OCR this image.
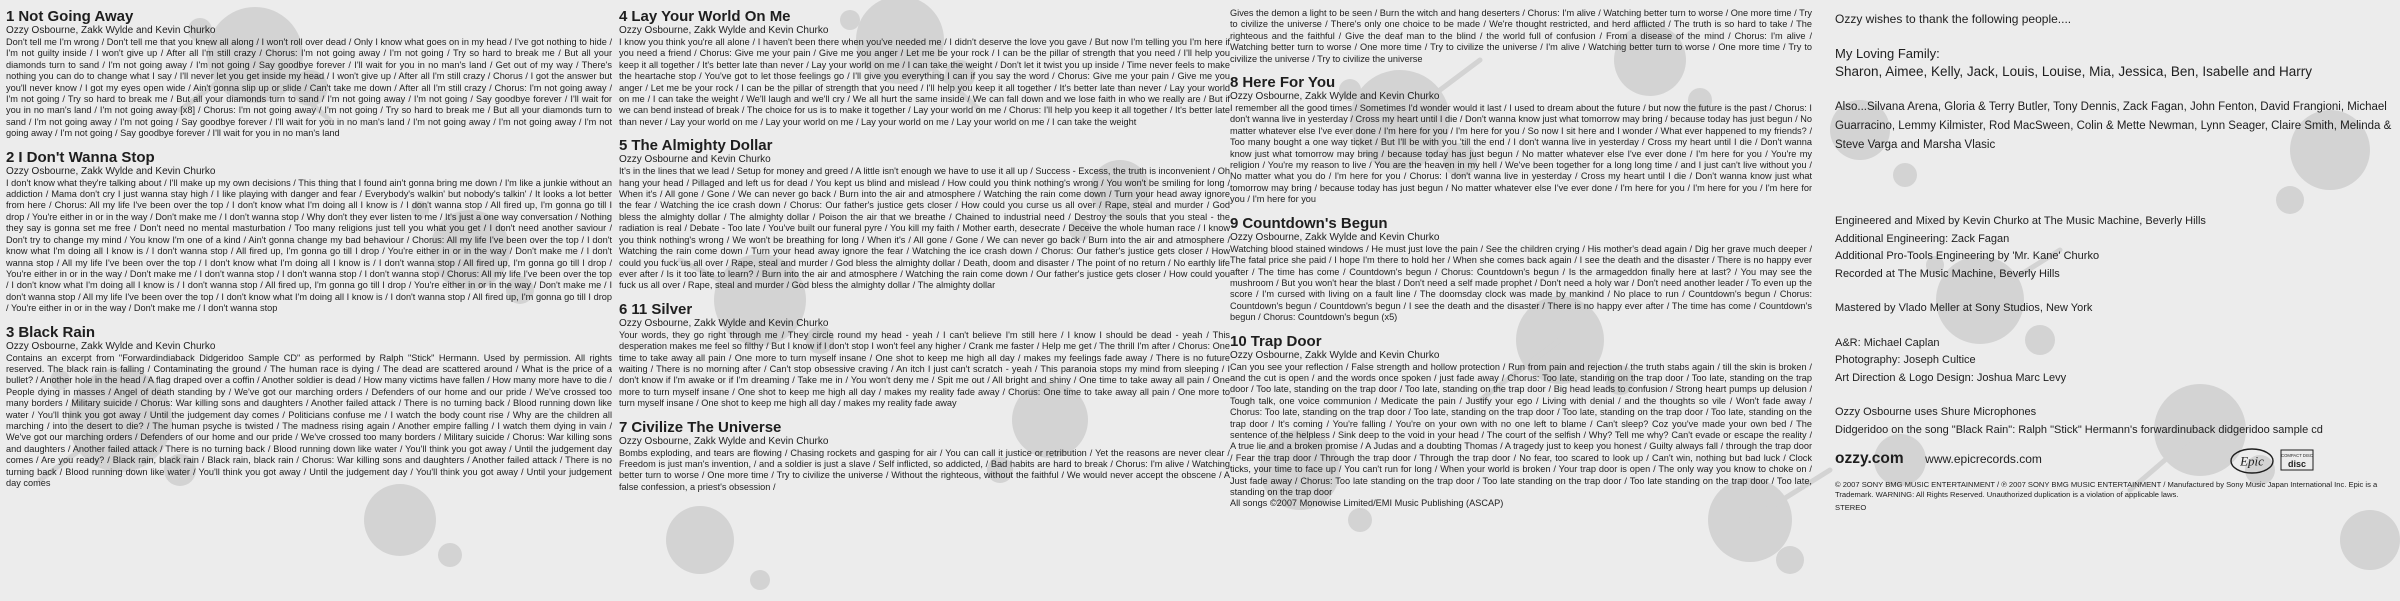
1 Not Going Away
Ozzy Osbourne, Zakk Wylde and Kevin Churko

Don't tell me I'm wrong / Don't tell me that you knew all along / I won't roll over dead / Only I know what goes on in my head / I've got nothing to hide / I'm not guilty inside / I won't give up / After all I'm still crazy / Chorus: I'm not going away / I'm not going / Try so hard to break me / But all your diamonds turn to sand / I'm not going away / I'm not going / Say goodbye forever / I'll wait for you in no man's land / Get out of my way / There's nothing you can do to change what I say / I'll never let you get inside my head / I won't give up / After all I'm still crazy / Chorus / I got the answer but you'll never know / I got my eyes open wide / Ain't gonna slip up or slide / Can't take me down / After all I'm still crazy / Chorus: I'm not going away / I'm not going / Try so hard to break me / But all your diamonds turn to sand / I'm not going away / I'm not going / Say goodbye forever / I'll wait for you in no man's land / I'm not going away [x8] / Chorus: I'm not going away / I'm not going / Try so hard to break me / But all your diamonds turn to sand / I'm not going away / I'm not going / Say goodbye forever / I'll wait for you in no man's land / I'm not going away / I'm not going away / I'm not going away / I'm not going / Say goodbye forever / I'll wait for you in no man's land

2 I Don't Wanna Stop
Ozzy Osbourne, Zakk Wylde and Kevin Churko

I don't know what they're talking about / I'll make up my own decisions / This thing that I found ain't gonna bring me down / I'm like a junkie without an addiction / Mama don't cry I just wanna stay high / I like playing with danger and fear / Everybody's walkin' but nobody's talkin' / It looks a lot better from here / Chorus: All my life I've been over the top / I don't know what I'm doing all I know is / I don't wanna stop / All fired up, I'm gonna go till I drop / You're either in or in the way / Don't make me / I don't wanna stop / Why don't they ever listen to me / It's just a one way conversation / Nothing they say is gonna set me free / Don't need no mental masturbation / Too many religions just tell you what you get / I don't need another saviour / Don't try to change my mind / You know I'm one of a kind / Ain't gonna change my bad behaviour / Chorus: All my life I've been over the top / I don't know what I'm doing all I know is / I don't wanna stop / All fired up, I'm gonna go till I drop / You're either in or in the way / Don't make me / I don't wanna stop / All my life I've been over the top / I don't know what I'm doing all I know is / I don't wanna stop / All fired up, I'm gonna go till I drop / You're either in or in the way / Don't make me / I don't wanna stop / I don't wanna stop / I don't wanna stop / Chorus: All my life I've been over the top / I don't know what I'm doing all I know is / I don't wanna stop / All fired up, I'm gonna go till I drop / You're either in or in the way / Don't make me / I don't wanna stop / All my life I've been over the top / I don't know what I'm doing all I know is / I don't wanna stop / All fired up, I'm gonna go till I drop / You're either in or in the way / Don't make me / I don't wanna stop

3 Black Rain
Ozzy Osbourne, Zakk Wylde and Kevin Churko

Contains an excerpt from "Forwardindiaback Didgeridoo Sample CD" as performed by Ralph "Stick" Hermann. Used by permission. All rights reserved. The black rain is falling / Contaminating the ground / The human race is dying / The dead are scattered around / What is the price of a bullet? / Another hole in the head / A flag draped over a coffin / Another soldier is dead / How many victims have fallen / How many more have to die / People dying in masses / Angel of death standing by / We've got our marching orders / Defenders of our home and our pride / We've crossed too many borders / Military suicide / Chorus: War killing sons and daughters / Another failed attack / There is no turning back / Blood running down like water / You'll think you got away / Until the judgement day comes / Politicians confuse me / I watch the body count rise / Why are the children all marching / into the desert to die? / The human psyche is twisted / The madness rising again / Another empire falling / I watch them dying in vain / We've got our marching orders / Defenders of our home and our pride / We've crossed too many borders / Military suicide / Chorus: War killing sons and daughters / Another failed attack / There is no turning back / Blood running down like water / You'll think you got away / Until the judgement day comes / Are you ready? / Black rain, black rain / Black rain, black rain / Chorus: War killing sons and daughters / Another failed attack / There is no turning back / Blood running down like water / You'll think you got away / Until the judgement day / You'll think you got away / Until your judgement day comes

4 Lay Your World On Me
Ozzy Osbourne, Zakk Wylde and Kevin Churko

I know you think you're all alone / I haven't been there when you've needed me / I didn't deserve the love you gave / But now I'm telling you I'm here if you need a friend / Chorus: Give me your pain / Give me you anger / Let me be your rock / I can be the pillar of strength that you need / I'll help you keep it all together / It's better late than never / Lay your world on me / I can take the weight / Don't let it twist you up inside / Time never feels to make the heartache stop / You've got to let those feelings go / I'll give you everything I can if you say the word / Chorus: Give me your pain / Give me you anger / Let me be your rock / I can be the pillar of strength that you need / I'll help you keep it all together / It's better late than never / Lay your world on me / I can take the weight / We'll laugh and we'll cry / We all hurt the same inside / We can fall down and we lose faith in who we really are / But if we can bend instead of break / The choice for us is to make it together / Lay your world on me / Chorus: I'll help you keep it all together / It's better late than never / Lay your world on me / Lay your world on me / Lay your world on me / Lay your world on me / I can take the weight

5 The Almighty Dollar
Ozzy Osbourne and Kevin Churko

It's in the lines that we lead / Setup for money and greed / A little isn't enough we have to use it all up / Success - Excess, the truth is inconvenient / Oh hang your head / Pillaged and left us for dead / You kept us blind and mislead / How could you think nothing's wrong / You won't be smiling for long / When it's / All gone / Gone / We can never go back / Burn into the air and atmosphere / Watching the rain come down / Turn your head away ignore the fear / Watching the ice crash down / Chorus: Our father's justice gets closer / How could you curse us all over / Rape, steal and murder / God bless the almighty dollar / The almighty dollar / Poison the air that we breathe / Chained to industrial need / Destroy the souls that you steal - the radiation is real / Debate - Too late / You've built our funeral pyre / You kill my faith / Mother earth, desecrate / Deceive the whole human race / I know you think nothing's wrong / We won't be breathing for long / When it's / All gone / Gone / We can never go back / Burn into the air and atmosphere / Watching the rain come down / Turn your head away ignore the fear / Watching the ice crash down / Chorus: Our father's justice gets closer / How could you fuck us all over / Rape, steal and murder / God bless the almighty dollar / Death, doom and disaster / The point of no return / No earthly life ever after / Is it too late to learn? / Burn into the air and atmosphere / Watching the rain come down / Our father's justice gets closer / How could you fuck us all over / Rape, steal and murder / God bless the almighty dollar / The almighty dollar

6 11 Silver
Ozzy Osbourne, Zakk Wylde and Kevin Churko

Your words, they go right through me / They circle round my head - yeah / I can't believe I'm still here / I know I should be dead - yeah / This desperation makes me feel so filthy / But I know if I don't stop I won't feel any higher / Crank me faster / Help me get / The thrill I'm after / Chorus: One time to take away all pain / One more to turn myself insane / One shot to keep me high all day / makes my feelings fade away / There is no future waiting / There is no morning after / Can't stop obsessive craving / An itch I just can't scratch - yeah / This paranoia stops my mind from sleeping / I don't know if I'm awake or if I'm dreaming / Take me in / You won't deny me / Spit me out / All bright and shiny / One time to take away all pain / One more to turn myself insane / One shot to keep me high all day / makes my reality fade away / Chorus: One time to take away all pain / One more to turn myself insane / One shot to keep me high all day / makes my reality fade away

7 Civilize The Universe
Ozzy Osbourne, Zakk Wylde and Kevin Churko

Bombs exploding, and tears are flowing / Chasing rockets and gasping for air / You can call it justice or retribution / Yet the reasons are never clear / Freedom is just man's invention, / and a soldier is just a slave / Self inflicted, so addicted, / Bad habits are hard to break / Chorus: I'm alive / Watching better turn to worse / One more time / Try to civilize the universe / Without the righteous, without the faithful / We would never accept the obscene / A false confession, a priest's obsession /

Gives the demon a light to be seen / Burn the witch and hang deserters / Chorus: I'm alive / Watching better turn to worse / One more time / Try to civilize the universe / There's only one choice to be made / We're thought restricted, and herd afflicted / The truth is so hard to take / The righteous and the faithful / Give the deaf man to the blind / the world full of confusion / From a disease of the mind / Chorus: I'm alive / Watching better turn to worse / One more time / Try to civilize the universe / I'm alive / Watching better turn to worse / One more time / Try to civilize the universe / Try to civilize the universe

8 Here For You
Ozzy Osbourne, Zakk Wylde and Kevin Churko

I remember all the good times / Sometimes I'd wonder would it last / I used to dream about the future / but now the future is the past / Chorus: I don't wanna live in yesterday / Cross my heart until I die / Don't wanna know just what tomorrow may bring / because today has just begun / No matter whatever else I've ever done / I'm here for you / I'm here for you / So now I sit here and I wonder / What ever happened to my friends? / Too many bought a one way ticket / But I'll be with you 'till the end / I don't wanna live in yesterday / Cross my heart until I die / Don't wanna know just what tomorrow may bring / because today has just begun / No matter whatever else I've ever done / I'm here for you / You're my religion / You're my reason to live / You are the heaven in my hell / We've been together for a long long time / and I just can't live without you / No matter what you do / I'm here for you / Chorus: I don't wanna live in yesterday / Cross my heart until I die / Don't wanna know just what tomorrow may bring / because today has just begun / No matter whatever else I've ever done / I'm here for you / I'm here for you / I'm here for you / I'm here for you

9 Countdown's Begun
Ozzy Osbourne, Zakk Wylde and Kevin Churko

Watching blood stained windows / He must just love the pain / See the children crying / His mother's dead again / Dig her grave much deeper / The fatal price she paid / I hope I'm there to hold her / When she comes back again / I see the death and the disaster / There is no happy ever after / The time has come / Countdown's begun / Chorus: Countdown's begun / Is the armageddon finally here at last? / You may see the mushroom / But you won't hear the blast / Don't need a self made prophet / Don't need a holy war / Don't need another leader / To even up the score / I'm cursed with living on a fault line / The doomsday clock was made by mankind / No place to run / Countdown's begun / Chorus: Countdown's begun / Countdown's begun / I see the death and the disaster / There is no happy ever after / The time has come / Countdown's begun / Chorus: Countdown's begun (x5)

10 Trap Door
Ozzy Osbourne, Zakk Wylde and Kevin Churko

Can you see your reflection / False strength and hollow protection / Run from pain and rejection / the truth stabs again / till the skin is broken / and the cut is open / and the words once spoken / just fade away / Chorus: Too late, standing on the trap door / Too late, standing on the trap door / Too late, standing on the trap door / Too late, standing on the trap door / Big head leads to confusion / Strong heart pumps up delusion / Tough talk, one voice communion / Medicate the pain / Justify your ego / Living with denial / and the thoughts so vile / Won't fade away / Chorus: Too late, standing on the trap door / Too late, standing on the trap door / Too late, standing on the trap door / Too late, standing on the trap door / It's coming / You're falling / You're on your own with no one left to blame / Can't sleep? Coz you've made your own bed / The sentence of the helpless / Sink deep to the void in your head / The court of the selfish / Why? Tell me why? Can't evade or escape the reality / A true lie and a broken promise / A Judas and a doubting Thomas / A tragedy just to keep you honest / Guilty always fall / through the trap door / Fear the trap door / Through the trap door / Through the trap door / No fear, too scared to look up / Can't win, nothing but bad luck / Clock ticks, your time to face up / You can't run for long / When your world is broken / Your trap door is open / The only way you know to choke on / Just fade away / Chorus: Too late standing on the trap door / Too late standing on the trap door / Too late standing on the trap door / Too late, standing on the trap door

All songs ©2007 Monowise Limited/EMI Music Publishing (ASCAP)
Ozzy wishes to thank the following people....
My Loving Family:
Sharon, Aimee, Kelly, Jack, Louis, Louise, Mia, Jessica, Ben, Isabelle and Harry
Also...Silvana Arena, Gloria & Terry Butler, Tony Dennis, Zack Fagan, John Fenton, David Frangioni, Michael Guarracino, Lemmy Kilmister, Rod MacSween, Colin & Mette Newman, Lynn Seager, Claire Smith, Melinda & Steve Varga and Marsha Vlasic
Engineered and Mixed by Kevin Churko at The Music Machine, Beverly Hills
Additional Engineering: Zack Fagan
Additional Pro-Tools Engineering by 'Mr. Kane' Churko
Recorded at The Music Machine, Beverly Hills
Mastered by Vlado Meller at Sony Studios, New York
A&R: Michael Caplan
Photography: Joseph Cultice
Art Direction & Logo Design: Joshua Marc Levy
Ozzy Osbourne uses Shure Microphones
Didgeridoo on the song "Black Rain": Ralph "Stick" Hermann's forwardinuback didgeridoo sample cd
ozzy.com www.epicrecords.com	Epic	COMPACT DISC
disc
© 2007 SONY BMG MUSIC ENTERTAINMENT / ℗ 2007 SONY BMG MUSIC ENTERTAINMENT / Manufactured by Sony Music Japan International Inc. Epic is a Trademark. WARNING: All Rights Reserved. Unauthorized duplication is a violation of applicable laws.
STEREO
